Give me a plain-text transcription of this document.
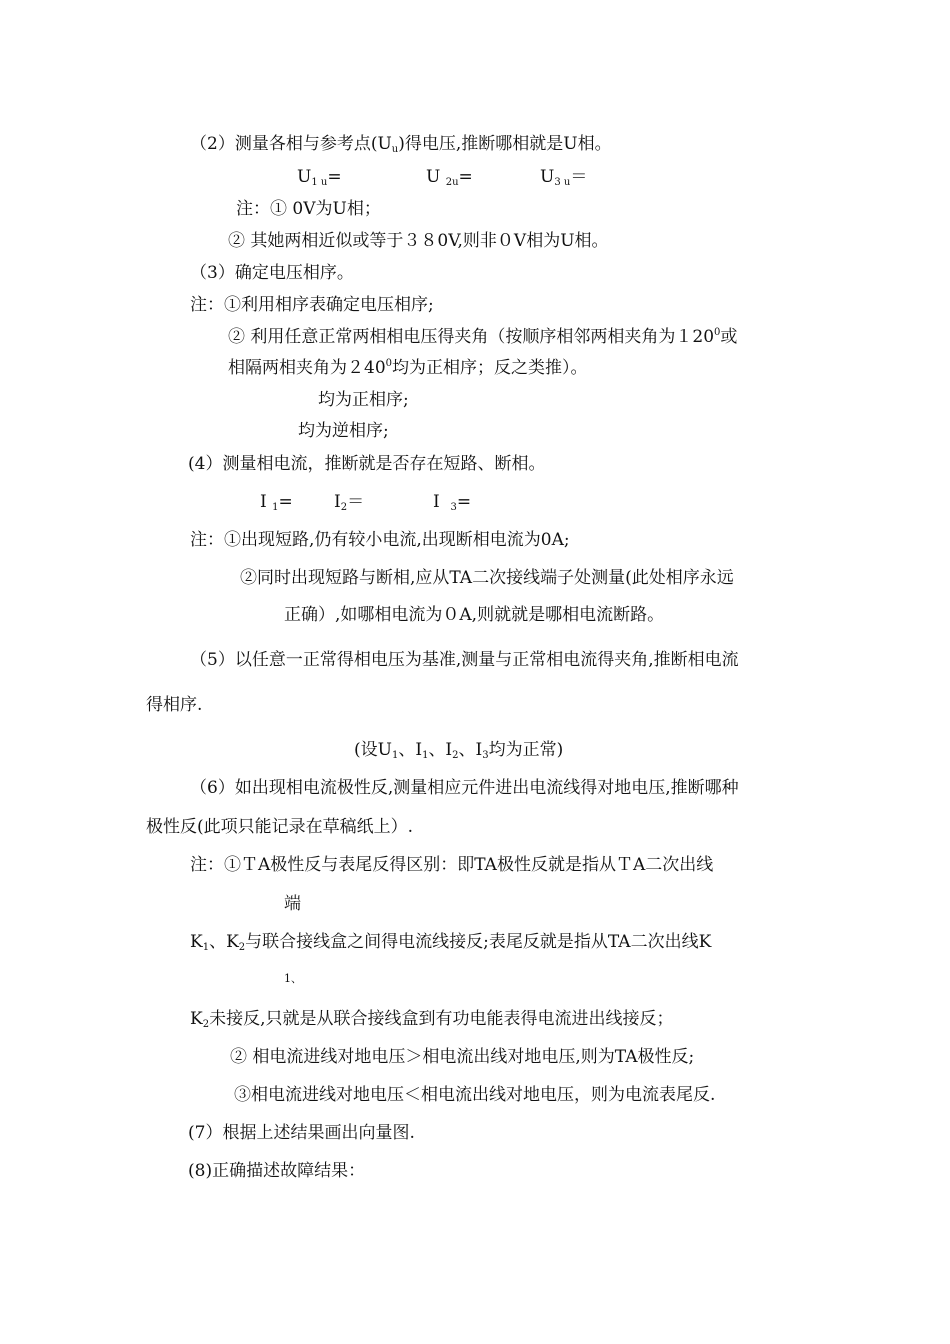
（2）测量各相与参考点$(U_u)$得电压,推断哪相就是U相。
$U_{1 u}=$	U $_{2u}$=	$U_{3 u}=$
注：① 0V为U相；
② 其她两相近似或等于３８0V,则非０V相为U相。
（3）确定电压相序。
注：①利用相序表确定电压相序;
② 利用任意正常两相相电压得夹角（按顺序相邻两相夹角为$120^0$或
相隔两相夹角为$240^0$均为正相序；反之类推）。
均为正相序;
均为逆相序;
(4）测量相电流，推断就是否存在短路、断相。
I $_1= I_2=$	I $_3$=
注：①出现短路,仍有较小电流,出现断相电流为0A;
②同时出现短路与断相,应从TA二次接线端子处测量(此处相序永远
正确）,如哪相电流为０A,则就就是哪相电流断路。
（5）以任意一正常得相电压为基准,测量与正常相电流得夹角,推断相电流
得相序.
(设$U_1$、$I_1$、$I_2$、$I_3$均为正常)
（6）如出现相电流极性反,测量相应元件进出电流线得对地电压,推断哪种
极性反(此项只能记录在草稿纸上）.
注：①ＴA极性反与表尾反得区别：即TA极性反就是指从ＴA二次出线
端
$K_1$、$K_2$与联合接线盒之间得电流线接反;表尾反就是指从TA二次出线K
1、
$K_2$未接反,只就是从联合接线盒到有功电能表得电流进出线接反；
② 相电流进线对地电压＞相电流出线对地电压,则为TA极性反;
③相电流进线对地电压＜相电流出线对地电压，则为电流表尾反.
(7）根据上述结果画出向量图.
(8)正确描述故障结果：
